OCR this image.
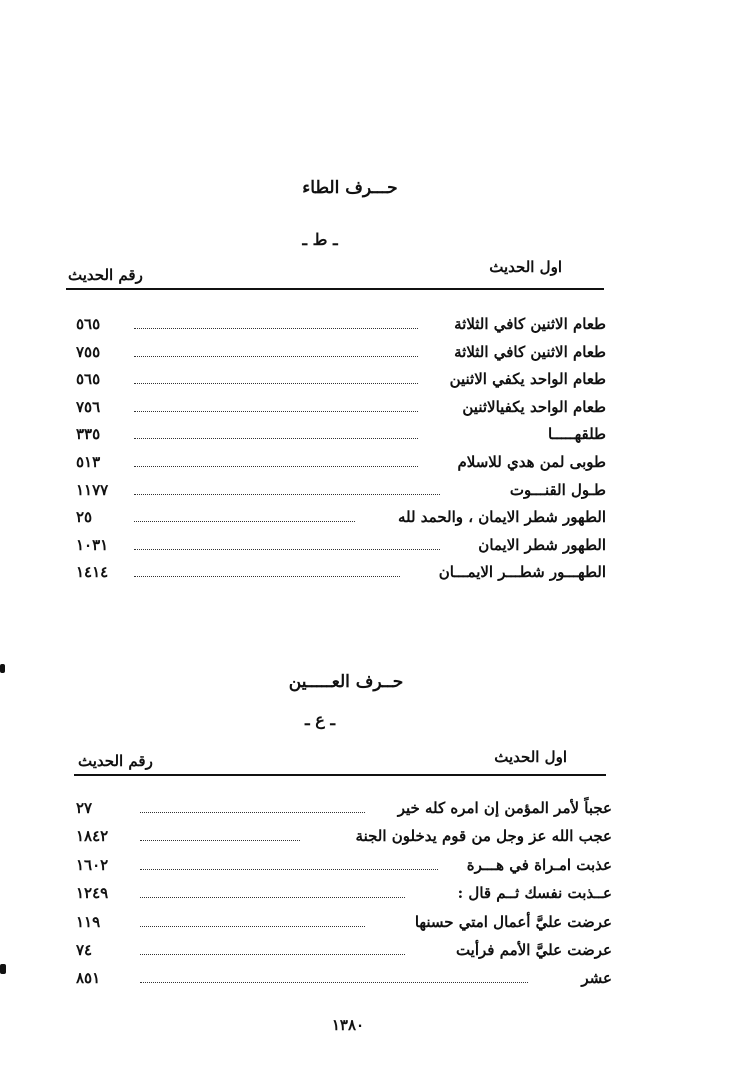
حـــرف الطاء
ـ ط ـ
اول الحديث
رقم الحديث
طعام الاثنين كافي الثلاثة
٥٦٥
طعام الاثنين كافي الثلاثة
٧٥٥
طعام الواحد يكفي الاثنين
٥٦٥
طعام الواحد يكفيالاثنين
٧٥٦
طلقهـــــا
٣٣٥
طوبى لمن هدي للاسلام
٥١٣
طـول القنـــوت
١١٧٧
الطهور شطر الايمان ، والحمد لله
٢٥
الطهور شطر الايمان
١٠٣١
الطهـــور شطـــر الايمـــان
١٤١٤
حــرف العـــــين
ـ ع ـ
اول الحديث
رقم الحديث
عجباً لأمر المؤمن إن امره كله خير
٢٧
عجب الله عز وجل من قوم يدخلون الجنة
١٨٤٢
عذبت امـراة في هـــرة
١٦٠٢
عــذبت نفسك ثــم قال :
١٢٤٩
عرضت عليَّ أعمال امتي حسنها
١١٩
عرضت عليَّ الأمم فرأيت
٧٤
عشر
٨٥١
١٣٨٠
